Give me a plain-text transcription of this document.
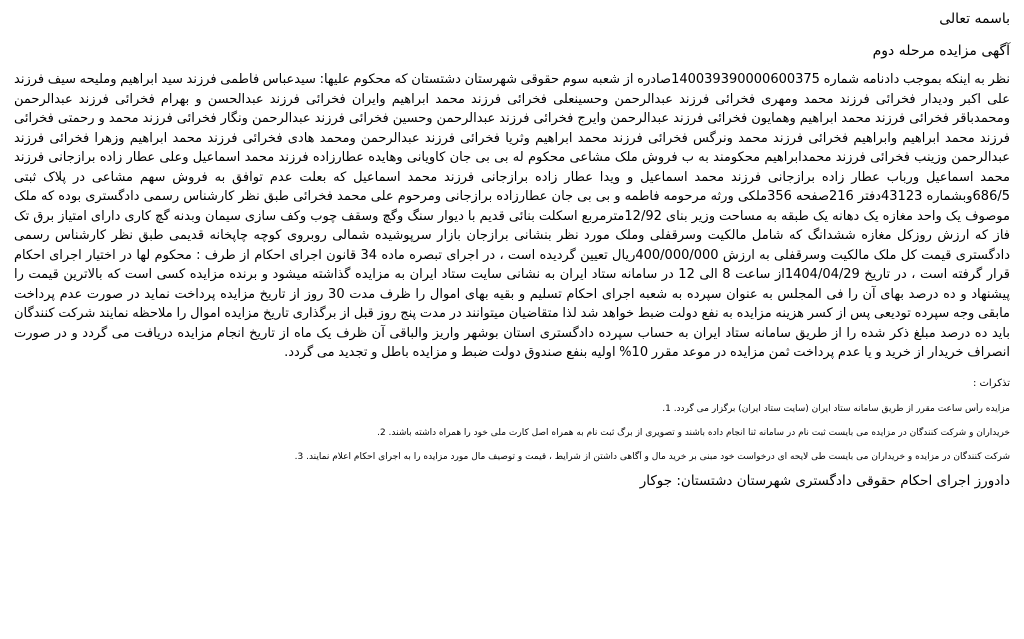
باسمه تعالی

آگهی مزایده مرحله دوم

نظر به اینکه بموجب دادنامه شماره 140039390000600375صادره از شعبه سوم حقوقی شهرستان دشتستان که محکوم علیها: سیدعباس فاطمی فرزند سید ابراهیم ومليحه سيف فرزند علی اکبر وديدار فخرائی فرزند محمد ومهری فخرائی فرزند عبدالرحمن وحسينعلی فخرائی فرزند محمد ابراهیم وايران فخرائی فرزند عبدالحسن و بهرام فخرائی فرزند عبدالرحمن ومحمدباقر فخرائی فرزند محمد ابراهیم وهمايون فخرائی فرزند عبدالرحمن وايرج فخرائی فرزند عبدالرحمن وحسين فخرائی فرزند عبدالرحمن ونگار فخرائی فرزند محمد و رحمتی فخرائی فرزند محمد ابراهیم وابراهيم فخرائی فرزند محمد ونرگس فخرائی فرزند محمد ابراهیم وثريا فخرائی فرزند عبدالرحمن ومحمد هادی فخرائی فرزند محمد ابراهیم وزهرا فخرائی فرزند عبدالرحمن وزينب فخرائی فرزند محمدابراهیم محکومند به ب فروش ملک مشاعی محکوم له بی بی جان کاويانی وهايده عطارزاده فرزند محمد اسماعيل وعلی عطار زاده برازجانی فرزند محمد اسماعيل ورباب عطار زاده برازجانی فرزند محمد اسماعيل و ويدا عطار زاده برازجانی فرزند محمد اسماعيل که بعلت عدم توافق به فروش سهم مشاعی در پلاک ثبتی 686/5وبشماره 43123دفتر 216صفحه 356ملکی ورثه مرحومه فاطمه و بی بی جان عطارزاده برازجانی ومرحوم علی محمد فخرائی طبق نظر کارشناس رسمی دادگستری بوده که ملک موصوف يک واحد مغازه يک دهانه يک طبقه به مساحت وزير بنای 12/92مترمربع اسکلت بنائی قديم با ديوار سنگ وگچ وسقف چوب وکف سازی سيمان وبدنه گچ کاری دارای امتياز برق تک فاز که ارزش روزکل مغازه ششدانگ که شامل مالکيت وسرقفلی وملک مورد نظر بنشانی برازجان بازار سرپوشيده شمالی روبروی کوچه چاپخانه قديمی طبق نظر کارشناس رسمی دادگستری قيمت کل ملک مالکيت وسرقفلی به ارزش 400/000/000ريال تعيين گرديده است ، در اجرای تبصره ماده 34 قانون اجرای احکام از طرف : محکوم لها در اختيار اجرای احکام قرار گرفته است ، در تاريخ 1404/04/29از ساعت 8 الی 12 در سامانه ستاد ايران به نشانی سايت ستاد ايران به مزايده گذاشته ميشود و برنده مزايده کسی است که بالاترين قيمت را پيشنهاد و ده درصد بهای آن را فی المجلس به عنوان سپرده به شعبه اجرای احکام تسليم و بقيه بهای اموال را ظرف مدت 30 روز از تاريخ مزايده پرداخت نمايد در صورت عدم پرداخت مابقی وجه سپرده توديعی پس از کسر هزينه مزايده به نفع دولت ضبط خواهد شد لذا متقاضيان ميتوانند در مدت پنج روز قبل از برگذاری تاريخ مزايده اموال را ملاحظه نمايند شرکت کنندگان بايد ده درصد مبلغ ذکر شده را از طريق سامانه ستاد ايران به حساب سپرده دادگستری استان بوشهر واريز والباقی آن ظرف يک ماه از تاريخ انجام مزايده دريافت می گردد و در صورت انصراف خريدار از خريد و يا عدم پرداخت ثمن مزايده در موعد مقرر 10% اوليه بنفع صندوق دولت ضبط و مزايده باطل و تجديد می گردد.
تذکرات :
مزایده رأس ساعت مقرر از طریق سامانه ستاد ایران (سایت ستاد ایران) برگزار می گردد. 1.
خریداران و شرکت کنندگان در مزایده می بایست ثبت نام در سامانه ثنا انجام داده باشند و تصویری از برگ ثبت نام به همراه اصل کارت ملی خود را همراه داشته باشند. 2.
شرکت کنندگان در مزایده و خریداران می بایست طی لایحه ای درخواست خود مبنی بر خرید مال و آگاهی داشتن از شرایط ، قیمت و توصیف مال مورد مزایده را به اجرای احکام اعلام نمایند. 3.
دادورز اجرای احکام حقوقی دادگستری شهرستان دشتستان: جوکار
